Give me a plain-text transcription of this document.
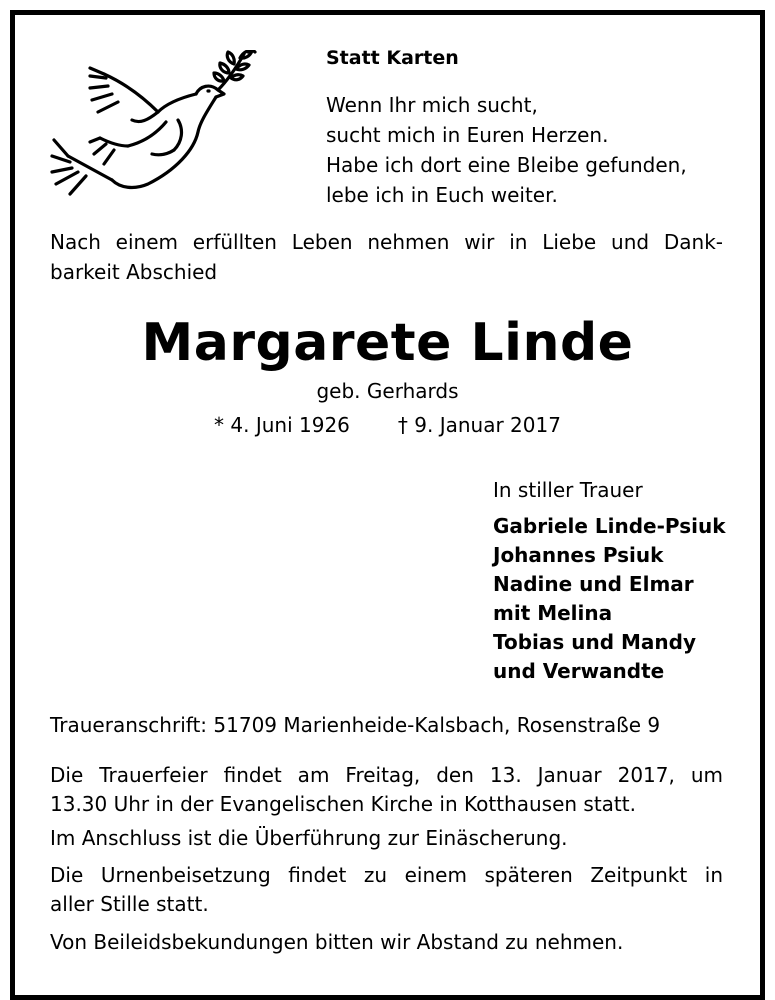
Statt Karten
Wenn Ihr mich sucht,
sucht mich in Euren Herzen.
Habe ich dort eine Bleibe gefunden,
lebe ich in Euch weiter.
Nach einem erfüllten Leben nehmen wir in Liebe und Dank-
barkeit Abschied
Margarete Linde
geb. Gerhards
* 4. Juni 1926 † 9. Januar 2017
In stiller Trauer
Gabriele Linde-Psiuk
Johannes Psiuk
Nadine und Elmar
mit Melina
Tobias und Mandy
und Verwandte
Traueranschrift: 51709 Marienheide-Kalsbach, Rosenstraße 9
Die Trauerfeier findet am Freitag, den 13. Januar 2017, um
13.30 Uhr in der Evangelischen Kirche in Kotthausen statt.
Im Anschluss ist die Überführung zur Einäscherung.
Die Urnenbeisetzung findet zu einem späteren Zeitpunkt in
aller Stille statt.
Von Beileidsbekundungen bitten wir Abstand zu nehmen.
